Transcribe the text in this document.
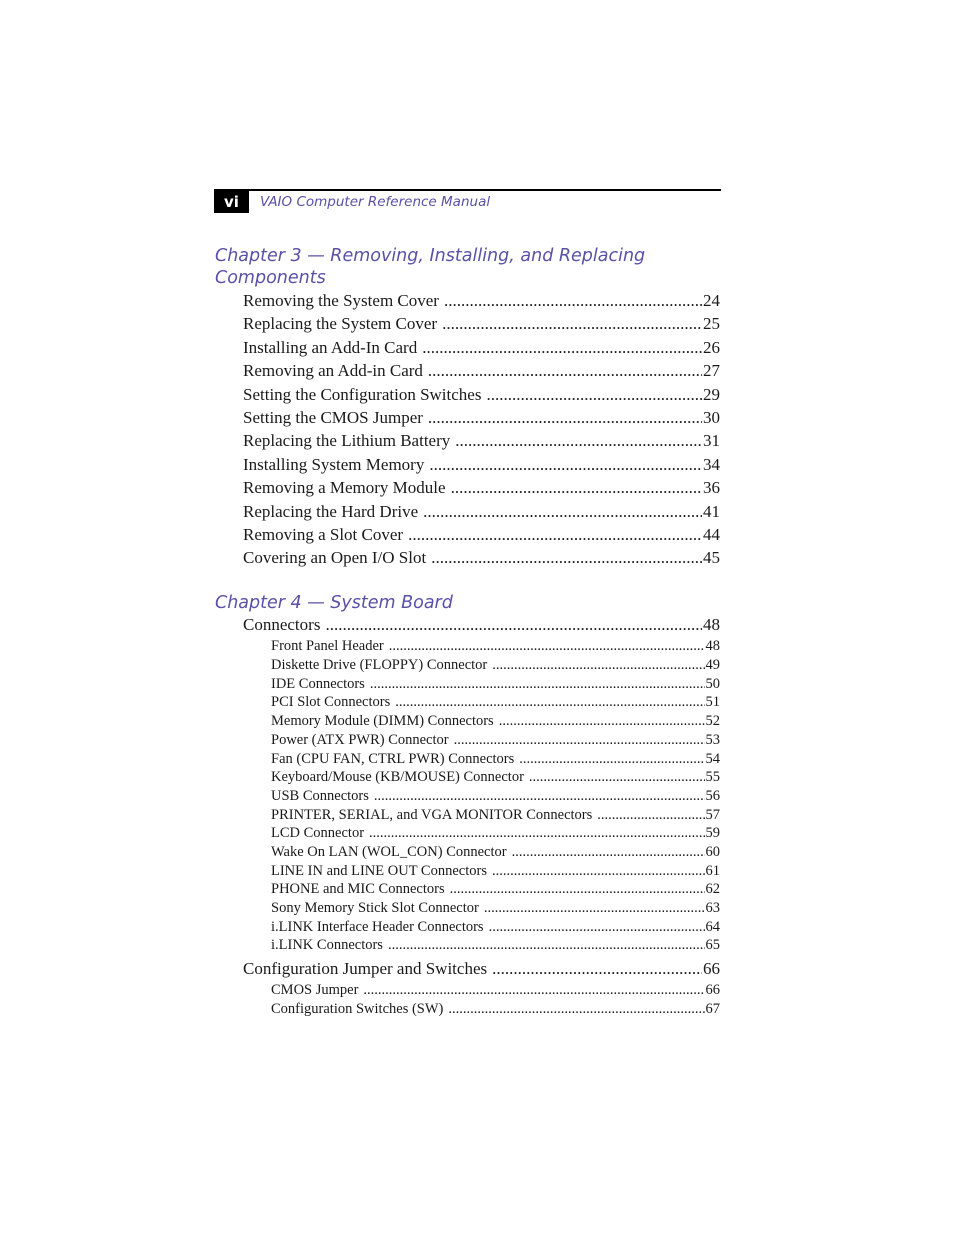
vi	VAIO Computer Reference Manual
Chapter 3 — Removing, Installing, and Replacing Components
Removing the System Cover .....	24
Replacing the System Cover .....	25
Installing an Add-In Card .....	26
Removing an Add-in Card .....	27
Setting the Configuration Switches .....	29
Setting the CMOS Jumper .....	30
Replacing the Lithium Battery .....	31
Installing System Memory .....	34
Removing a Memory Module .....	36
Replacing the Hard Drive .....	41
Removing a Slot Cover .....	44
Covering an Open I/O Slot .....	45
Chapter 4 — System Board
Connectors .....	48
Front Panel Header .....	48
Diskette Drive (FLOPPY) Connector .....	49
IDE Connectors .....	50
PCI Slot Connectors .....	51
Memory Module (DIMM) Connectors .....	52
Power (ATX PWR) Connector .....	53
Fan (CPU FAN, CTRL PWR) Connectors .....	54
Keyboard/Mouse (KB/MOUSE) Connector .....	55
USB Connectors .....	56
PRINTER, SERIAL, and VGA MONITOR Connectors .....	57
LCD Connector .....	59
Wake On LAN (WOL_CON) Connector .....	60
LINE IN and LINE OUT Connectors .....	61
PHONE and MIC Connectors .....	62
Sony Memory Stick Slot Connector .....	63
i.LINK Interface Header Connectors .....	64
i.LINK Connectors .....	65
Configuration Jumper and Switches .....	66
CMOS Jumper .....	66
Configuration Switches (SW) .....	67
